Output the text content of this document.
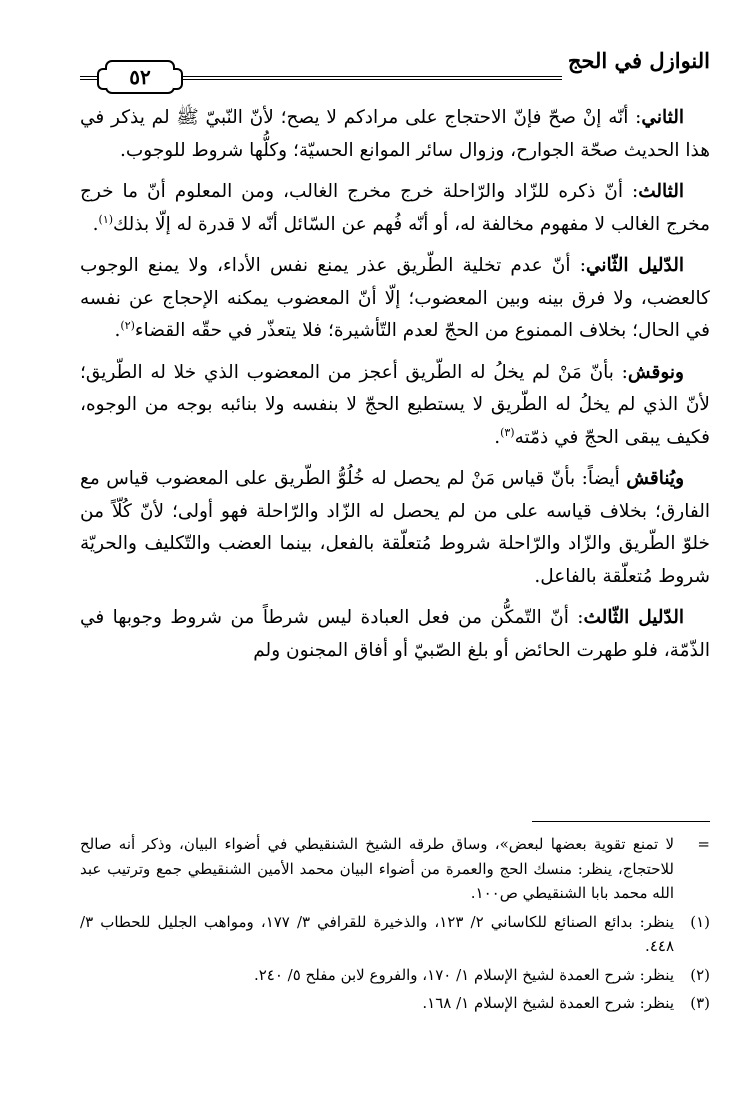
النوازل في الحج
٥٢

الثاني: أنّه إنْ صحّ فإنّ الاحتجاج على مرادكم لا يصح؛ لأنّ النّبيّ ﷺ لم يذكر في هذا الحديث صحّة الجوارح، وزوال سائر الموانع الحسيّة؛ وكلُّها شروط للوجوب.

الثالث: أنّ ذكره للزّاد والرّاحلة خرج مخرج الغالب، ومن المعلوم أنّ ما خرج مخرج الغالب لا مفهوم مخالفة له، أو أنّه فُهم عن السّائل أنّه لا قدرة له إلّا بذلك$^{(١)}$.

الدّليل الثّاني: أنّ عدم تخلية الطّريق عذر يمنع نفس الأداء، ولا يمنع الوجوب كالعضب، ولا فرق بينه وبين المعضوب؛ إلّا أنّ المعضوب يمكنه الإحجاج عن نفسه في الحال؛ بخلاف الممنوع من الحجّ لعدم التّأشيرة؛ فلا يتعذّر في حقّه القضاء$^{(٢)}$.

ونوقش: بأنّ مَنْ لم يخلُ له الطّريق أعجز من المعضوب الذي خلا له الطّريق؛ لأنّ الذي لم يخلُ له الطّريق لا يستطيع الحجّ لا بنفسه ولا بنائبه بوجه من الوجوه، فكيف يبقى الحجّ في ذمّته$^{(٣)}$.

ويُناقش أيضاً: بأنّ قياس مَنْ لم يحصل له خُلُوُّ الطّريق على المعضوب قياس مع الفارق؛ بخلاف قياسه على من لم يحصل له الزّاد والرّاحلة فهو أولى؛ لأنّ كُلّاً من خلوّ الطّريق والزّاد والرّاحلة شروط مُتعلّقة بالفعل، بينما العضب والتّكليف والحريّة شروط مُتعلّقة بالفاعل.

الدّليل الثّالث: أنّ التّمكُّن من فعل العبادة ليس شرطاً من شروط وجوبها في الذّمّة، فلو طهرت الحائض أو بلغ الصّبيّ أو أفاق المجنون ولم

=
لا تمنع تقوية بعضها لبعض»، وساق طرقه الشيخ الشنقيطي في أضواء البيان، وذكر أنه صالح للاحتجاج، ينظر: منسك الحج والعمرة من أضواء البيان محمد الأمين الشنقيطي جمع وترتيب عبد الله محمد بابا الشنقيطي ص١٠٠.
(١)
ينظر: بدائع الصنائع للكاساني ٢/ ١٢٣، والذخيرة للقرافي ٣/ ١٧٧، ومواهب الجليل للحطاب ٣/ ٤٤٨.
(٢)
ينظر: شرح العمدة لشيخ الإسلام ١/ ١٧٠، والفروع لابن مفلح ٥/ ٢٤٠.
(٣)
ينظر: شرح العمدة لشيخ الإسلام ١/ ١٦٨.
